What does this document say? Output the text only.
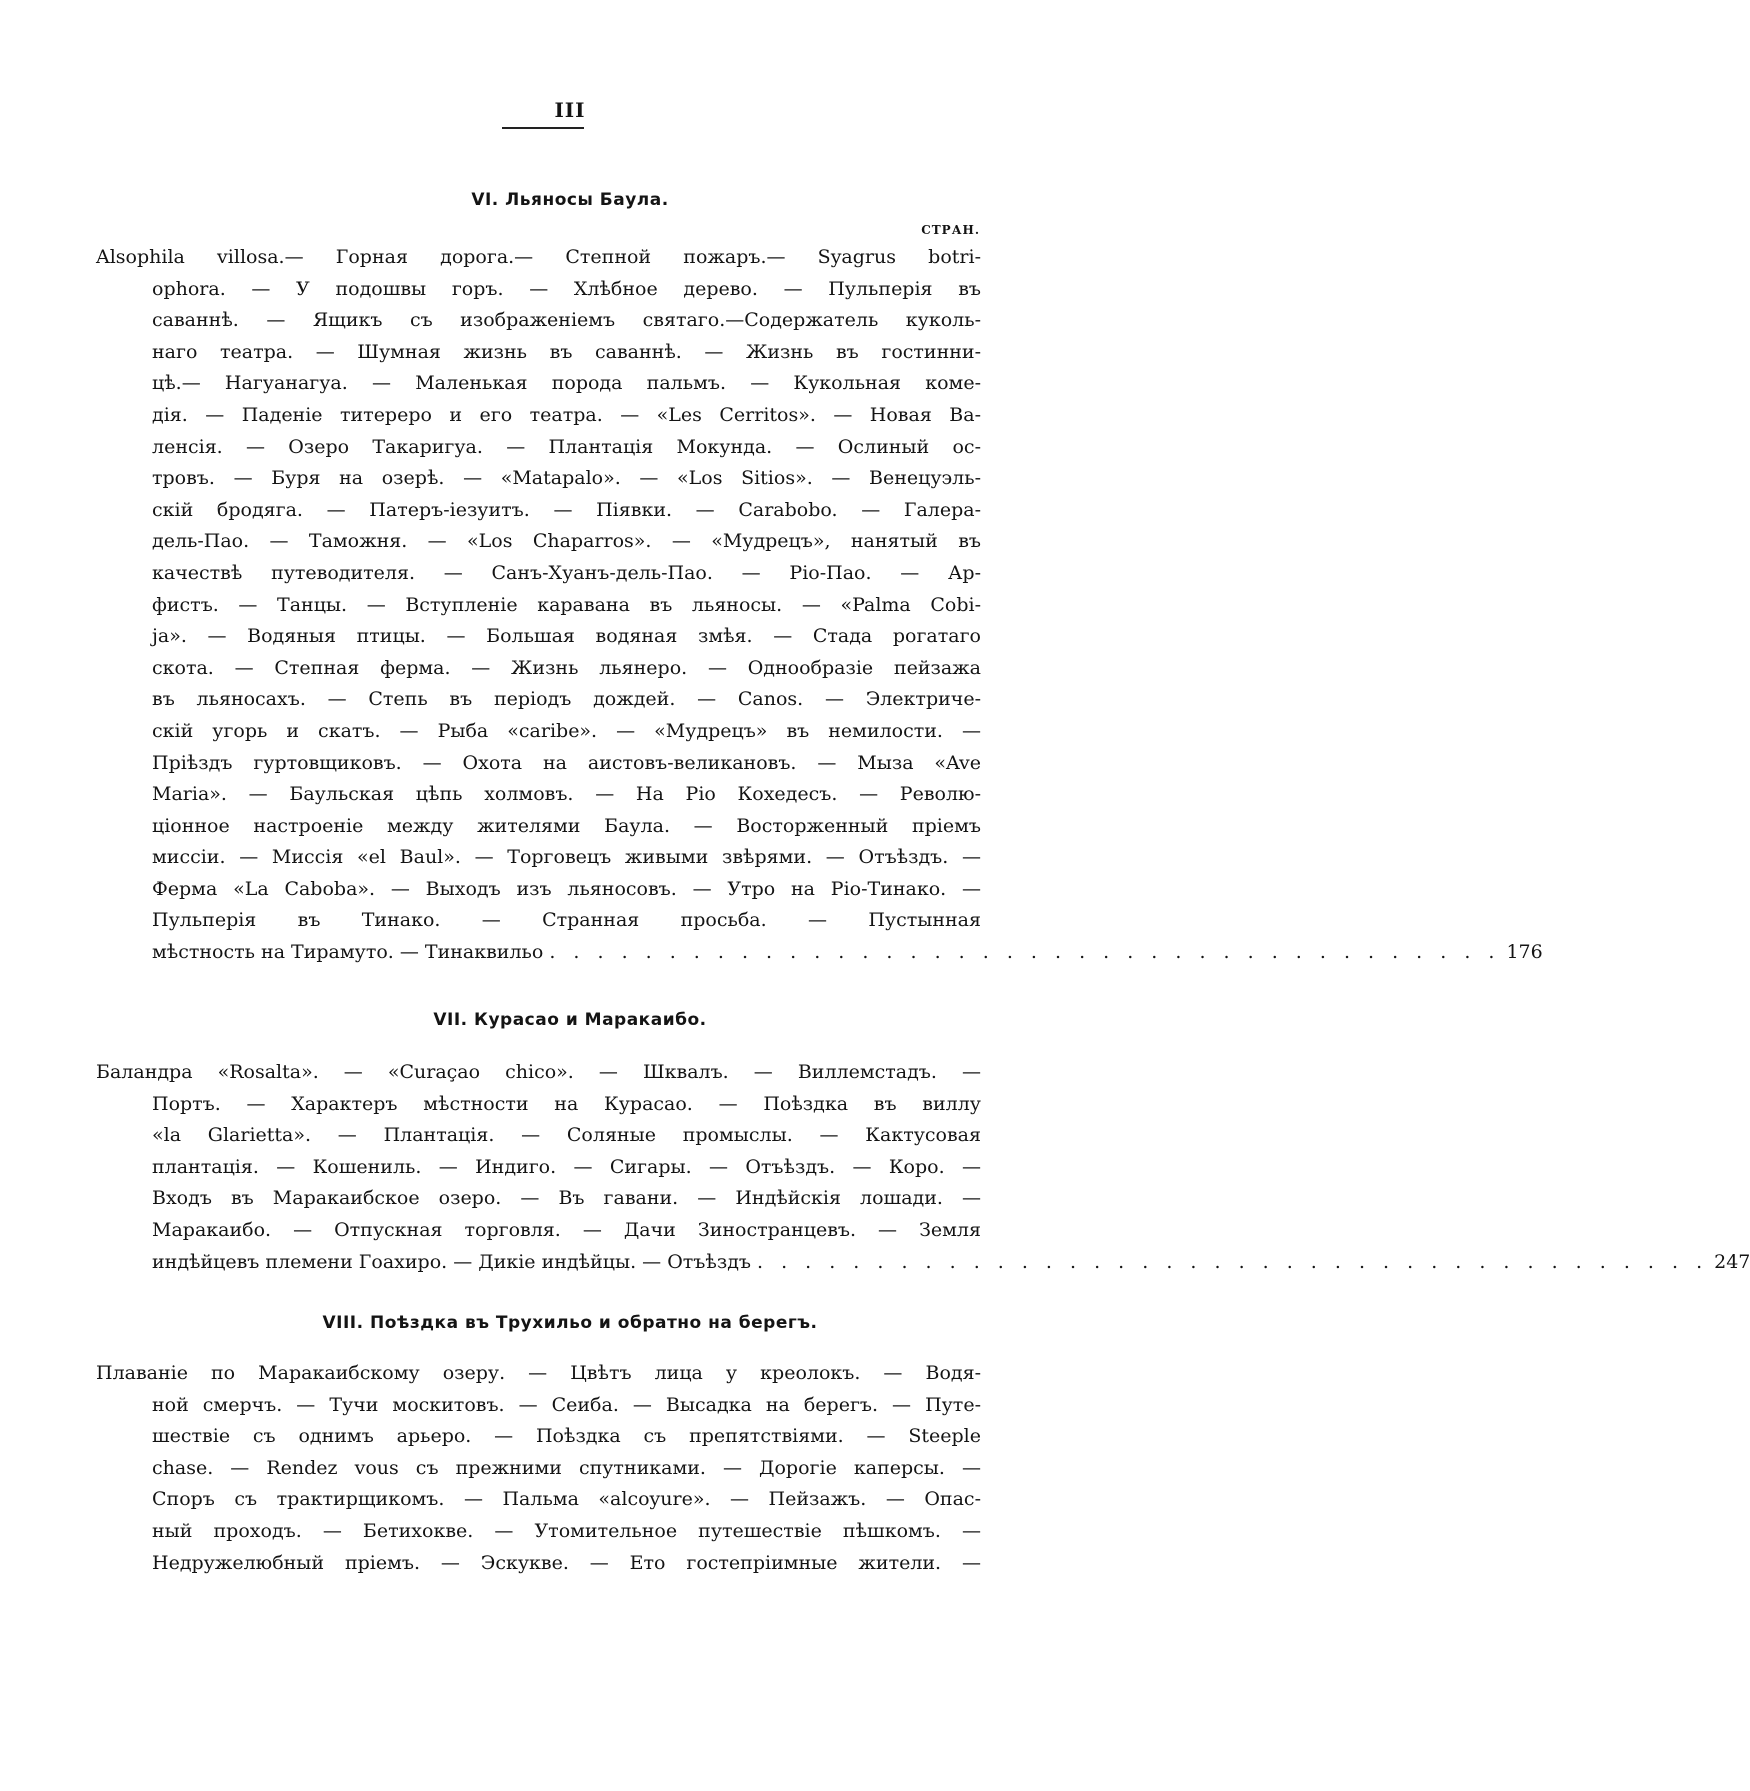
III
VI. Льяносы Баула.
СТРАН.
Alsophila villosa.— Горная дорога.— Степной пожаръ.— Syagrus botri-
ophora. — У подошвы горъ. — Хлѣбное дерево. — Пульперія въ
саваннѣ. — Ящикъ съ изображеніемъ святаго.—Содержатель куколь-
наго театра. — Шумная жизнь въ саваннѣ. — Жизнь въ гостинни-
цѣ.— Нагуанагуа. — Маленькая порода пальмъ. — Кукольная коме-
дія. — Паденіе титереро и его театра. — «Les Cerritos». — Новая Ва-
ленсія. — Озеро Такаригуа. — Плантація Мокунда. — Ослиный ос-
тровъ. — Буря на озерѣ. — «Matapalo». — «Los Sitios». — Венецуэль-
скій бродяга. — Патеръ-іезуитъ. — Піявки. — Carabobo. — Галера-
дель-Пао. — Таможня. — «Los Chaparros». — «Мудрецъ», нанятый въ
качествѣ путеводителя. — Санъ-Хуанъ-дель-Пао. — Ріо-Пао. — Ар-
фистъ. — Танцы. — Вступленіе каравана въ льяносы. — «Palma Cobi-
ja». — Водяныя птицы. — Большая водяная змѣя. — Стада рогатаго
скота. — Степная ферма. — Жизнь льянеро. — Однообразіе пейзажа
въ льяносахъ. — Степь въ періодъ дождей. — Canos. — Электриче-
скій угорь и скатъ. — Рыба «caribe». — «Мудрецъ» въ немилости. —
Пріѣздъ гуртовщиковъ. — Охота на аистовъ-великановъ. — Мыза «Ave
Maria». — Баульская цѣпь холмовъ. — На Ріо Кохедесъ. — Револю-
ціонное настроеніе между жителями Баула. — Восторженный пріемъ
миссіи. — Миссія «el Baul». — Торговецъ живыми звѣрями. — Отъѣздъ. —
Ферма «La Caboba». — Выходъ изъ льяносовъ. — Утро на Ріо-Тинако. —
Пульперія въ Тинако. — Странная просьба. — Пустынная
мѣстность на Тирамуто. — Тинаквильо . . . . . . . . . . . . . . . . . . . . . . . . . . . . . . . . . . . . . . . . 176
VII. Курасао и Маракаибо.
Баландра «Rosalta». — «Curaçao chico». — Шквалъ. — Виллемстадъ. —
Портъ. — Характеръ мѣстности на Курасао. — Поѣздка въ виллу
«la Glarietta». — Плантація. — Соляные промыслы. — Кактусовая
плантація. — Кошениль. — Индиго. — Сигары. — Отъѣздъ. — Коро. —
Входъ въ Маракаибское озеро. — Въ гавани. — Индѣйскія лошади. —
Маракаибо. — Отпускная торговля. — Дачи Зиностранцевъ. — Земля
индѣйцевъ племени Гоахиро. — Дикіе индѣйцы. — Отъѣздъ . . . . . . . . . . . . . . . . . . . . . . . . . . . . . . . . . . . . . . . . 247
VIII. Поѣздка въ Трухильо и обратно на берегъ.
Плаваніе по Маракаибскому озеру. — Цвѣтъ лица у креолокъ. — Водя-
ной смерчъ. — Тучи москитовъ. — Сеиба. — Высадка на берегъ. — Путе-
шествіе съ однимъ арьеро. — Поѣздка съ препятствіями. — Steeple
chase. — Rendez vous съ прежними спутниками. — Дорогіе каперсы. —
Споръ съ трактирщикомъ. — Пальма «alcoyure». — Пейзажъ. — Опас-
ный проходъ. — Бетихокве. — Утомительное путешествіе пѣшкомъ. —
Недружелюбный пріемъ. — Эскукве. — Ето гостепріимные жители. —
